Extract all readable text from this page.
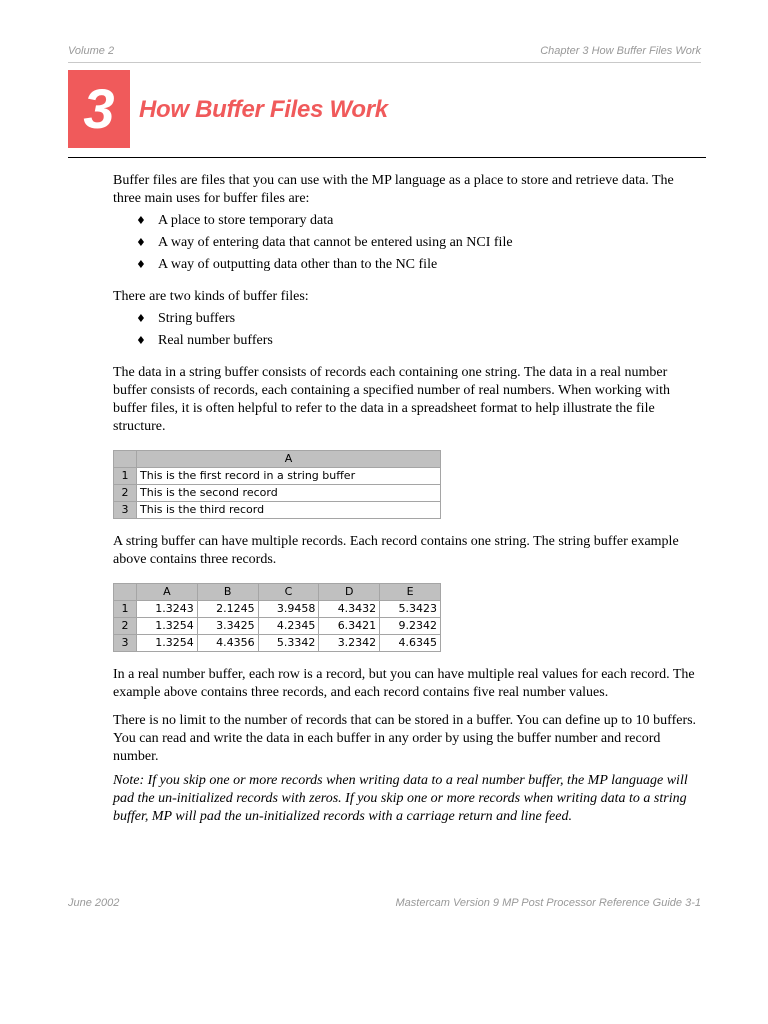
Volume 2	Chapter 3 How Buffer Files Work
3	How Buffer Files Work

Buffer files are files that you can use with the MP language as a place to store and retrieve data. The three main uses for buffer files are:

♦ A place to store temporary data
♦ A way of entering data that cannot be entered using an NCI file
♦ A way of outputting data other than to the NC file

There are two kinds of buffer files:

♦ String buffers
♦ Real number buffers

The data in a string buffer consists of records each containing one string. The data in a real number buffer consists of records, each containing a specified number of real numbers. When working with buffer files, it is often helpful to refer to the data in a spreadsheet format to help illustrate the file structure.

	A
1	This is the first record in a string buffer
2	This is the second record
3	This is the third record

A string buffer can have multiple records. Each record contains one string. The string buffer example above contains three records.

	A	B	C	D	E
1	1.3243	2.1245	3.9458	4.3432	5.3423
2	1.3254	3.3425	4.2345	6.3421	9.2342
3	1.3254	4.4356	5.3342	3.2342	4.6345

In a real number buffer, each row is a record, but you can have multiple real values for each record. The example above contains three records, and each record contains five real number values.

There is no limit to the number of records that can be stored in a buffer. You can define up to 10 buffers. You can read and write the data in each buffer in any order by using the buffer number and record number.

Note: If you skip one or more records when writing data to a real number buffer, the MP language will pad the un-initialized records with zeros. If you skip one or more records when writing data to a string buffer, MP will pad the un-initialized records with a carriage return and line feed.

June 2002	Mastercam Version 9 MP Post Processor Reference Guide 3-1
